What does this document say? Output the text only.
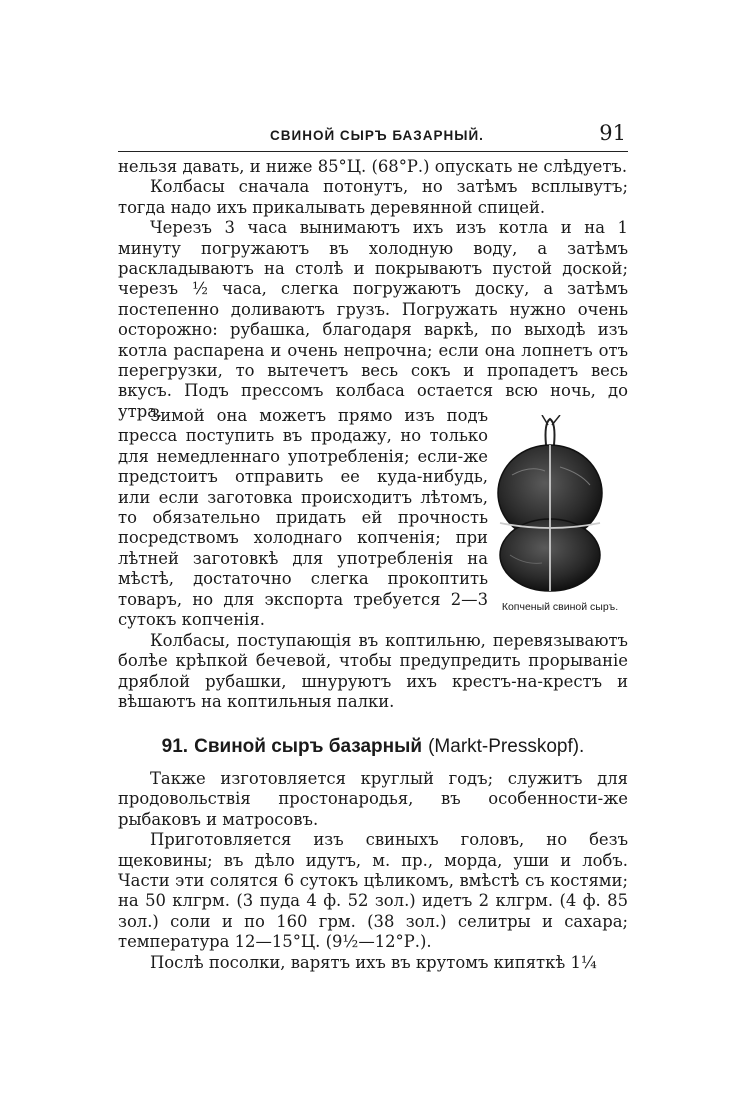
СВИНОЙ СЫРЪ БАЗАРНЫЙ.	91

нельзя давать, и ниже 85°Ц. (68°Р.) опускать не слѣдуетъ.

Колбасы сначала потонутъ, но затѣмъ всплывутъ; тогда надо ихъ прикалывать деревянной спицей.

Черезъ 3 часа вынимаютъ ихъ изъ котла и на 1 минуту погружаютъ въ холодную воду, а затѣмъ раскладываютъ на столѣ и покрываютъ пустой доской; черезъ ½ часа, слегка погружаютъ доску, а затѣмъ постепенно доливаютъ грузъ. Погружать нужно очень осторожно: рубашка, благодаря варкѣ, по выходѣ изъ котла распарена и очень непрочна; если она лопнетъ отъ перегрузки, то вытечетъ весь сокъ и пропадетъ весь вкусъ. Подъ прессомъ колбаса остается всю ночь, до утра.

Зимой она можетъ прямо изъ подъ пресса поступить въ продажу, но только для немедленнаго употребленія; если-же предстоитъ отправить ее куда-нибудь, или если заготовка происходитъ лѣтомъ, то обязательно придать ей прочность посредствомъ холоднаго копченія; при лѣтней заготовкѣ для употребленія на мѣстѣ, достаточно слегка прокоптить товаръ, но для экспорта требуется 2—3 сутокъ копченія.

Копченый свиной сыръ.

Колбасы, поступающія въ коптильню, перевязываютъ болѣе крѣпкой бечевой, чтобы предупредить прорываніе дряблой рубашки, шнуруютъ ихъ крестъ-на-крестъ и вѣшаютъ на коптильныя палки.

91. Свиной сыръ базарный (Markt-Presskopf).

Также изготовляется круглый годъ; служитъ для продовольствія простонародья, въ особенности-же рыбаковъ и матросовъ.

Приготовляется изъ свиныхъ головъ, но безъ щековины; въ дѣло идутъ, м. пр., морда, уши и лобъ. Части эти солятся 6 сутокъ цѣликомъ, вмѣстѣ съ костями; на 50 клгрм. (3 пуда 4 ф. 52 зол.) идетъ 2 клгрм. (4 ф. 85 зол.) соли и по 160 грм. (38 зол.) селитры и сахара; температура 12—15°Ц. (9½—12°Р.).

Послѣ посолки, варятъ ихъ въ крутомъ кипяткѣ 1¼
